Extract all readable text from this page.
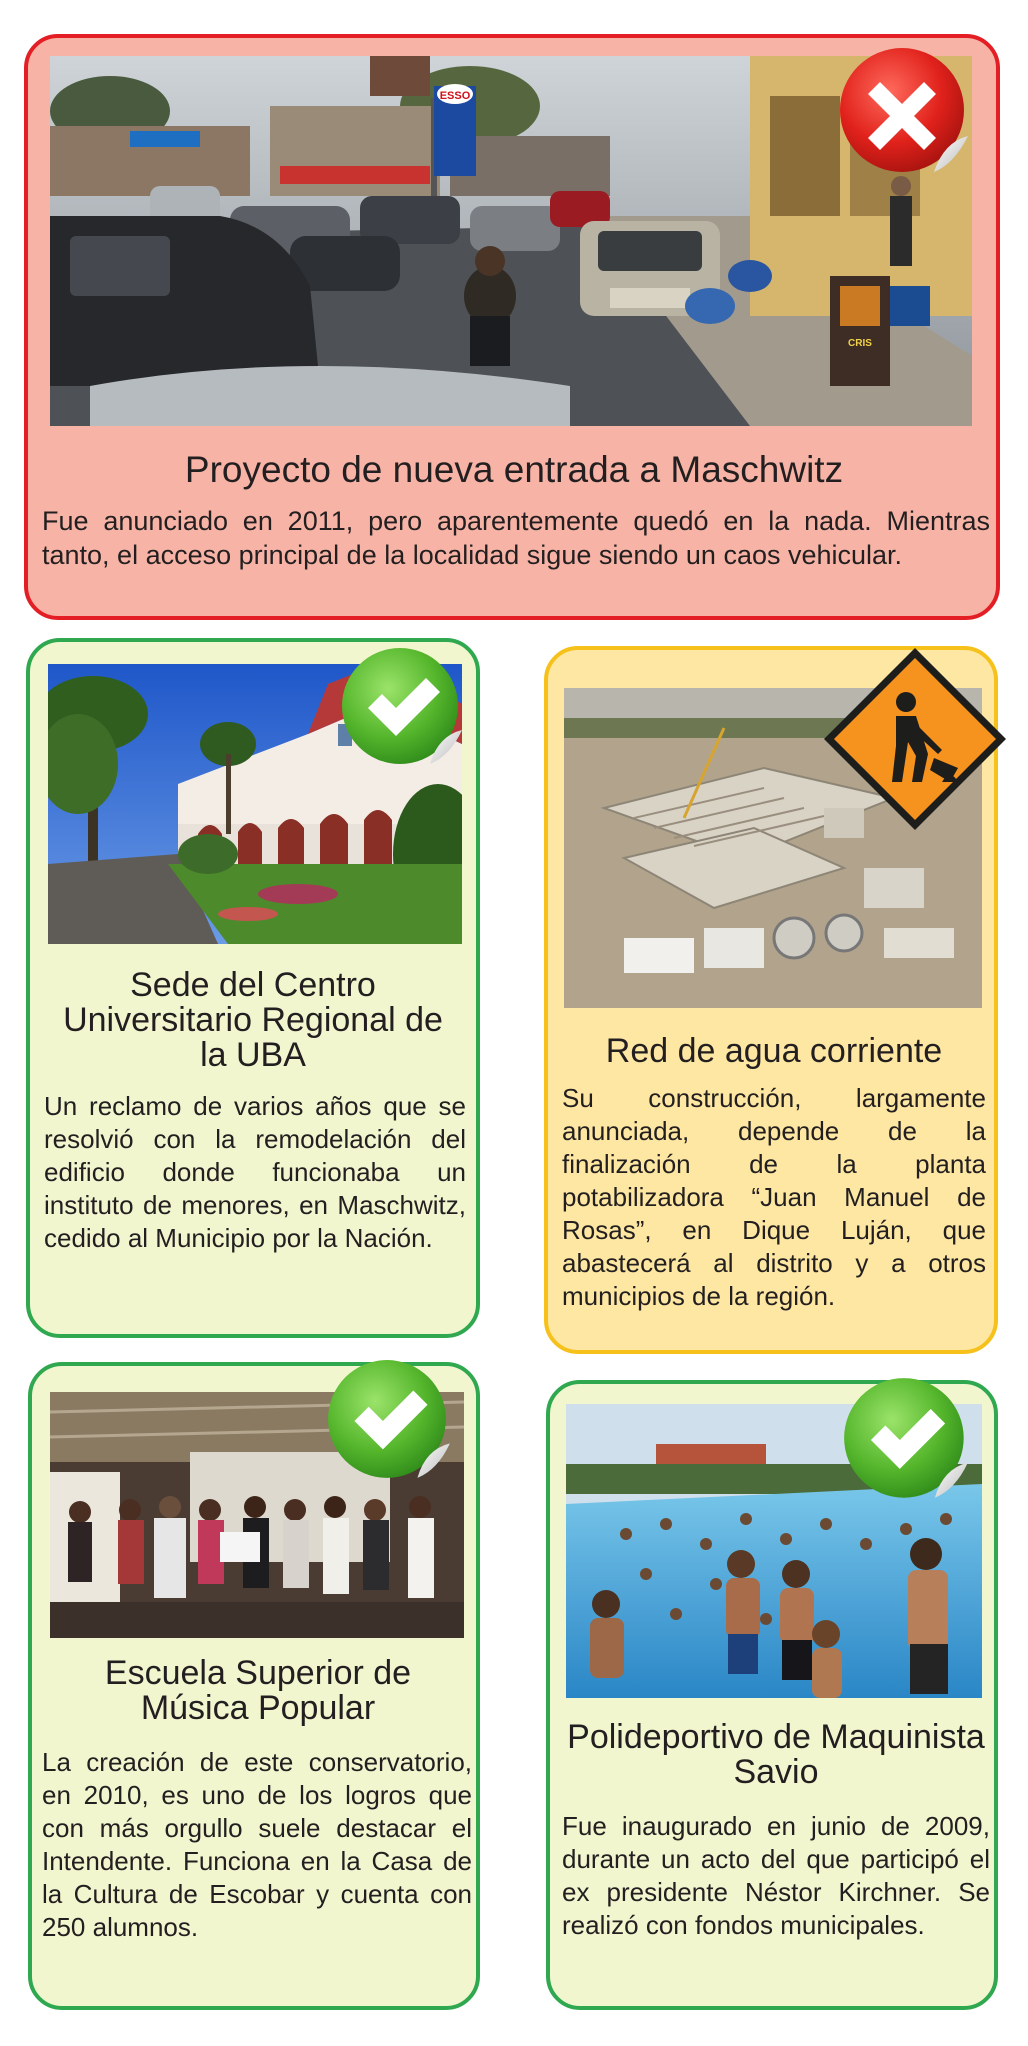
ESSO
CRIS
Proyecto de nueva entrada a Maschwitz

Fue anunciado en 2011, pero aparentemente quedó en la nada. Mientras tanto, el acceso principal de la localidad sigue siendo un caos vehicular.

Sede del Centro Universitario Regional de la UBA

Un reclamo de varios años que se resolvió con la remodelación del edificio donde funcionaba un instituto de menores, en Maschwitz, cedido al Municipio por la Nación.

Red de agua corriente

Su construcción, largamente anunciada, depende de la finalización de la planta potabilizadora “Juan Manuel de Rosas”, en Dique Luján, que abastecerá al distrito y a otros municipios de la región.

Escuela Superior de Música Popular

La creación de este conservatorio, en 2010, es uno de los logros que con más orgullo suele destacar el Intendente. Funciona en la Casa de la Cultura de Escobar y cuenta con 250 alumnos.

Polideportivo de Maquinista Savio

Fue inaugurado en junio de 2009, durante un acto del que participó el ex presidente Néstor Kirchner. Se realizó con fondos municipales.
